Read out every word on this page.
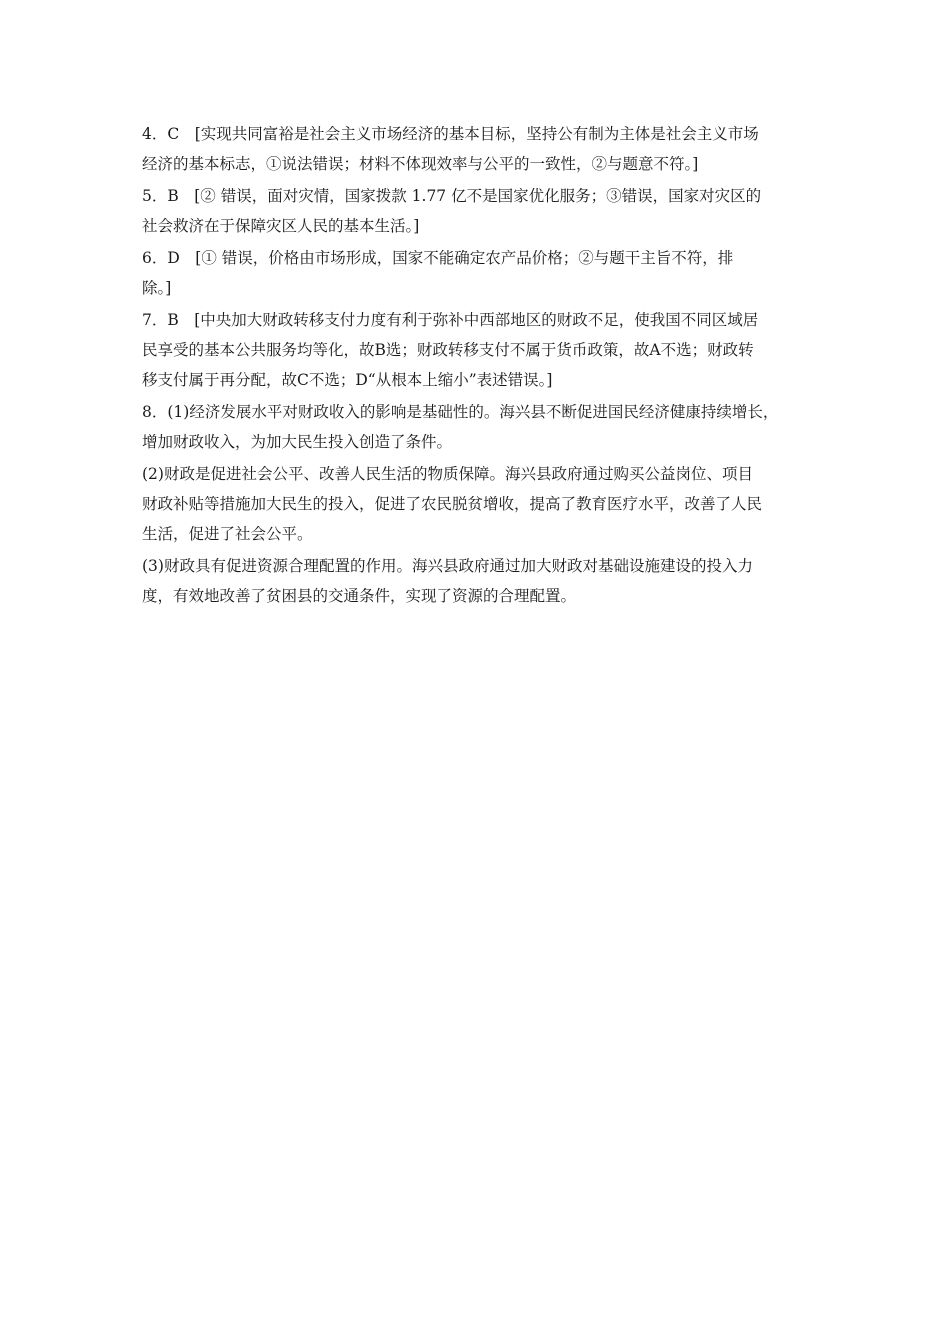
4．C　[实现共同富裕是社会主义市场经济的基本目标，坚持公有制为主体是社会主义市场
经济的基本标志，①说法错误；材料不体现效率与公平的一致性，②与题意不符。]
5．B　[② 错误，面对灾情，国家拨款 1.77 亿不是国家优化服务；③错误，国家对灾区的
社会救济在于保障灾区人民的基本生活。]
6．D　[① 错误，价格由市场形成，国家不能确定农产品价格；②与题干主旨不符，排
除。]
7．B　[中央加大财政转移支付力度有利于弥补中西部地区的财政不足，使我国不同区域居
民享受的基本公共服务均等化，故B选；财政转移支付不属于货币政策，故A不选；财政转
移支付属于再分配，故C不选；D“从根本上缩小”表述错误。]
8．(1)经济发展水平对财政收入的影响是基础性的。海兴县不断促进国民经济健康持续增长，
增加财政收入，为加大民生投入创造了条件。
(2)财政是促进社会公平、改善人民生活的物质保障。海兴县政府通过购买公益岗位、项目
财政补贴等措施加大民生的投入，促进了农民脱贫增收，提高了教育医疗水平，改善了人民
生活，促进了社会公平。
(3)财政具有促进资源合理配置的作用。海兴县政府通过加大财政对基础设施建设的投入力
度，有效地改善了贫困县的交通条件，实现了资源的合理配置。
